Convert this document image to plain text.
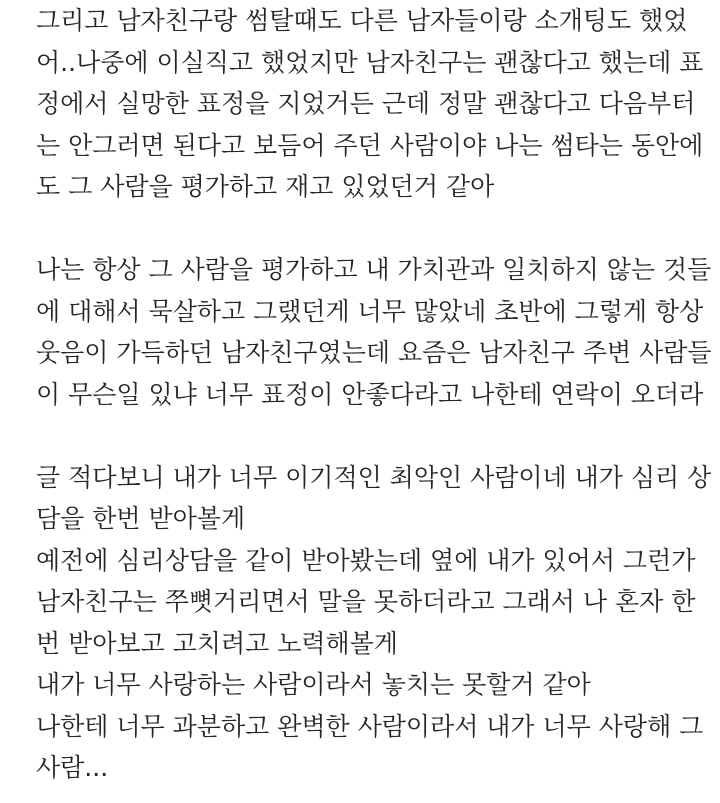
그리고 남자친구랑 썸탈때도 다른 남자들이랑 소개팅도 했었
어..나중에 이실직고 했었지만 남자친구는 괜찮다고 했는데 표
정에서 실망한 표정을 지었거든 근데 정말 괜찮다고 다음부터
는 안그러면 된다고 보듬어 주던 사람이야 나는 썸타는 동안에
도 그 사람을 평가하고 재고 있었던거 같아
나는 항상 그 사람을 평가하고 내 가치관과 일치하지 않는 것들
에 대해서 묵살하고 그랬던게 너무 많았네 초반에 그렇게 항상
웃음이 가득하던 남자친구였는데 요즘은 남자친구 주변 사람들
이 무슨일 있냐 너무 표정이 안좋다라고 나한테 연락이 오더라
글 적다보니 내가 너무 이기적인 최악인 사람이네 내가 심리 상
담을 한번 받아볼게
예전에 심리상담을 같이 받아봤는데 옆에 내가 있어서 그런가
남자친구는 쭈뼛거리면서 말을 못하더라고 그래서 나 혼자 한
번 받아보고 고치려고 노력해볼게
내가 너무 사랑하는 사람이라서 놓치는 못할거 같아
나한테 너무 과분하고 완벽한 사람이라서 내가 너무 사랑해 그
사람...
